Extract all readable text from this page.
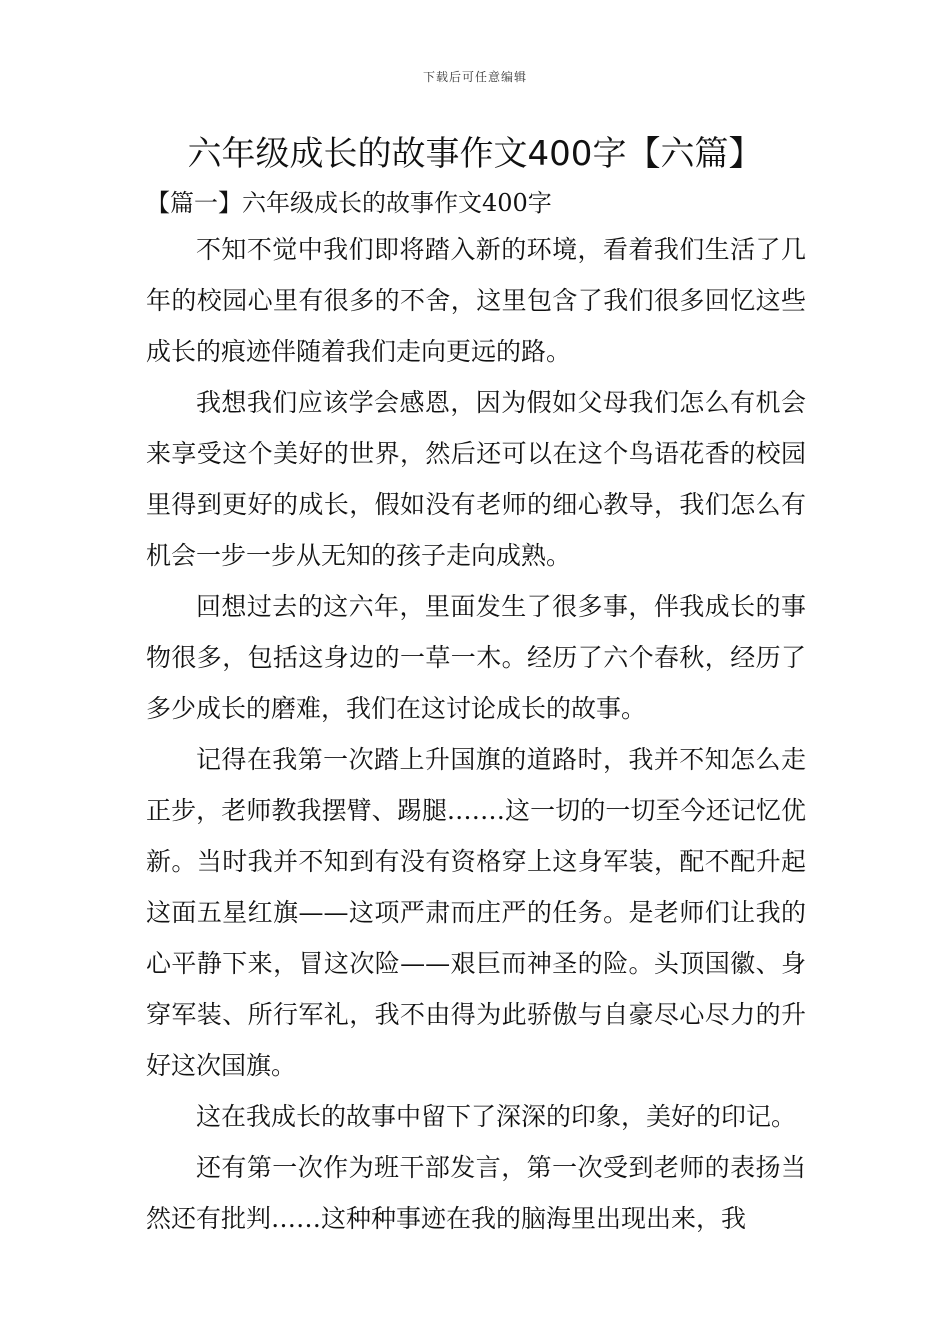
下载后可任意编辑
六年级成长的故事作文400字【六篇】
【篇一】六年级成长的故事作文400字

不知不觉中我们即将踏入新的环境，看着我们生活了几年的校园心里有很多的不舍，这里包含了我们很多回忆这些成长的痕迹伴随着我们走向更远的路。

我想我们应该学会感恩，因为假如父母我们怎么有机会来享受这个美好的世界，然后还可以在这个鸟语花香的校园里得到更好的成长，假如没有老师的细心教导，我们怎么有机会一步一步从无知的孩子走向成熟。

回想过去的这六年，里面发生了很多事，伴我成长的事物很多，包括这身边的一草一木。经历了六个春秋，经历了多少成长的磨难，我们在这讨论成长的故事。

记得在我第一次踏上升国旗的道路时，我并不知怎么走正步，老师教我摆臂、踢腿.……这一切的一切至今还记忆优新。当时我并不知到有没有资格穿上这身军装，配不配升起这面五星红旗——这项严肃而庄严的任务。是老师们让我的心平静下来，冒这次险——艰巨而神圣的险。头顶国徽、身穿军装、所行军礼，我不由得为此骄傲与自豪尽心尽力的升好这次国旗。

这在我成长的故事中留下了深深的印象，美好的印记。

还有第一次作为班干部发言，第一次受到老师的表扬当然还有批判……这种种事迹在我的脑海里出现出来，我
